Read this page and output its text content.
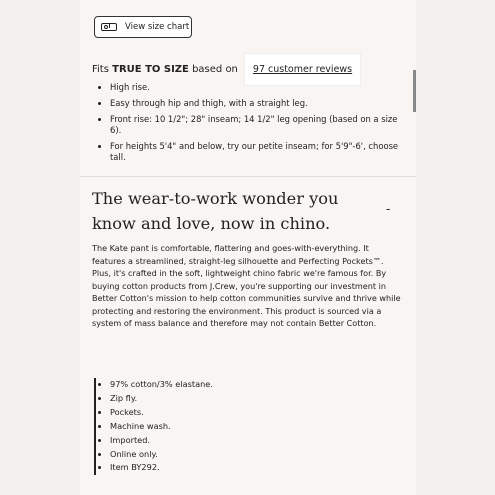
View size chart
Fits
TRUE TO SIZE
based on	97 customer reviews
• High rise.
• Easy through hip and thigh, with a straight leg.
• Front rise: 10 1/2"; 28" inseam; 14 1/2" leg opening (based on a size 6).
• For heights 5'4" and below, try our petite inseam; for 5'9"-6', choose tall.
The wear-to-work wonder you know and love, now in chino.
-
The Kate pant is comfortable, flattering and goes-with-everything. It features a streamlined, straight-leg silhouette and Perfecting Pockets™. Plus, it's crafted in the soft, lightweight chino fabric we're famous for. By buying cotton products from J.Crew, you're supporting our investment in Better Cotton's mission to help cotton communities survive and thrive while protecting and restoring the environment. This product is sourced via a system of mass balance and therefore may not contain Better Cotton.
• 97% cotton/3% elastane.
• Zip fly.
• Pockets.
• Machine wash.
• Imported.
• Online only.
• Item BY292.
